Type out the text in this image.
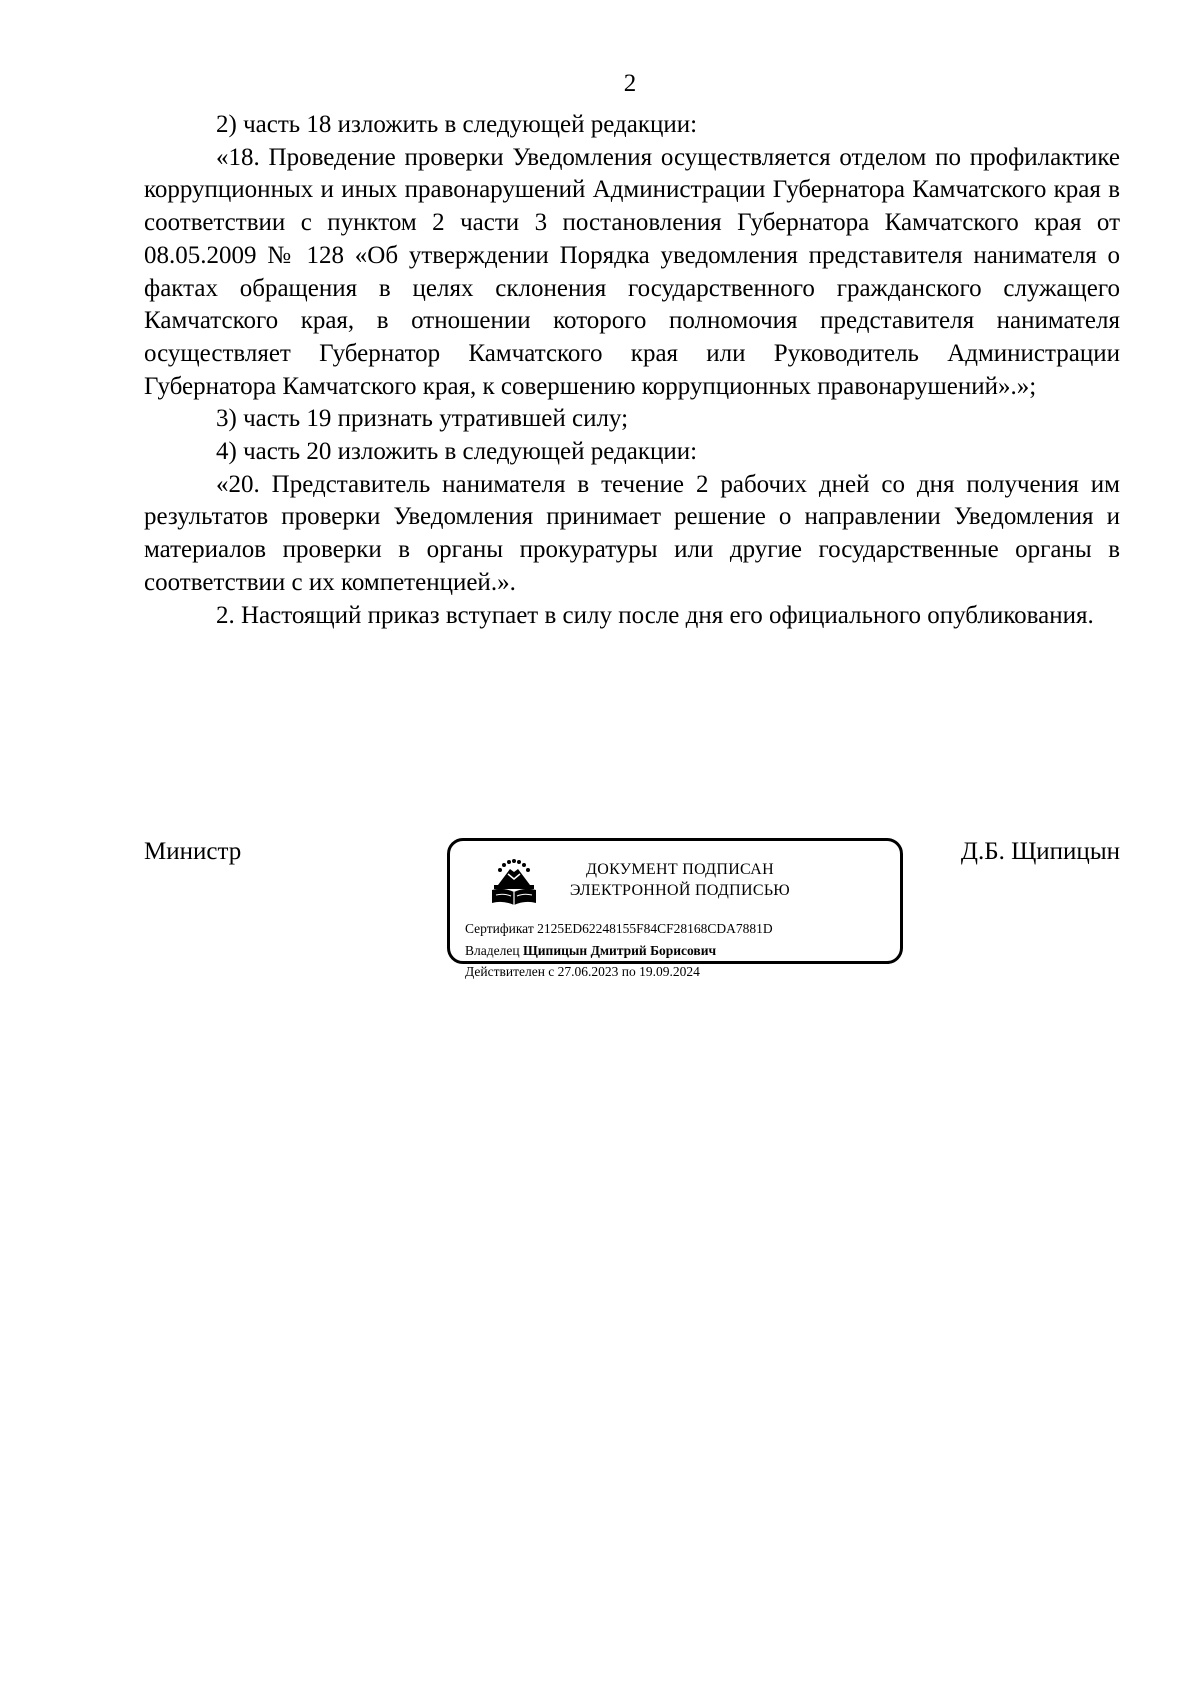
2

2) часть 18 изложить в следующей редакции:

«18. Проведение проверки Уведомления осуществляется отделом по профилактике коррупционных и иных правонарушений Администрации Губернатора Камчатского края в соответствии с пунктом 2 части 3 постановления Губернатора Камчатского края от 08.05.2009 № 128 «Об утверждении Порядка уведомления представителя нанимателя о фактах обращения в целях склонения государственного гражданского служащего Камчатского края, в отношении которого полномочия представителя нанимателя осуществляет Губернатор Камчатского края или Руководитель Администрации Губернатора Камчатского края, к совершению коррупционных правонарушений».»;

3) часть 19 признать утратившей силу;

4) часть 20 изложить в следующей редакции:

«20. Представитель нанимателя в течение 2 рабочих дней со дня получения им результатов проверки Уведомления принимает решение о направлении Уведомления и материалов проверки в органы прокуратуры или другие государственные органы в соответствии с их компетенцией.».

2. Настоящий приказ вступает в силу после дня его официального опубликования.

Министр
ДОКУМЕНТ ПОДПИСАН
ЭЛЕКТРОННОЙ ПОДПИСЬЮ
Сертификат 2125ED62248155F84CF28168CDA7881D
Владелец Щипицын Дмитрий Борисович
Действителен с 27.06.2023 по 19.09.2024
Д.Б. Щипицын
